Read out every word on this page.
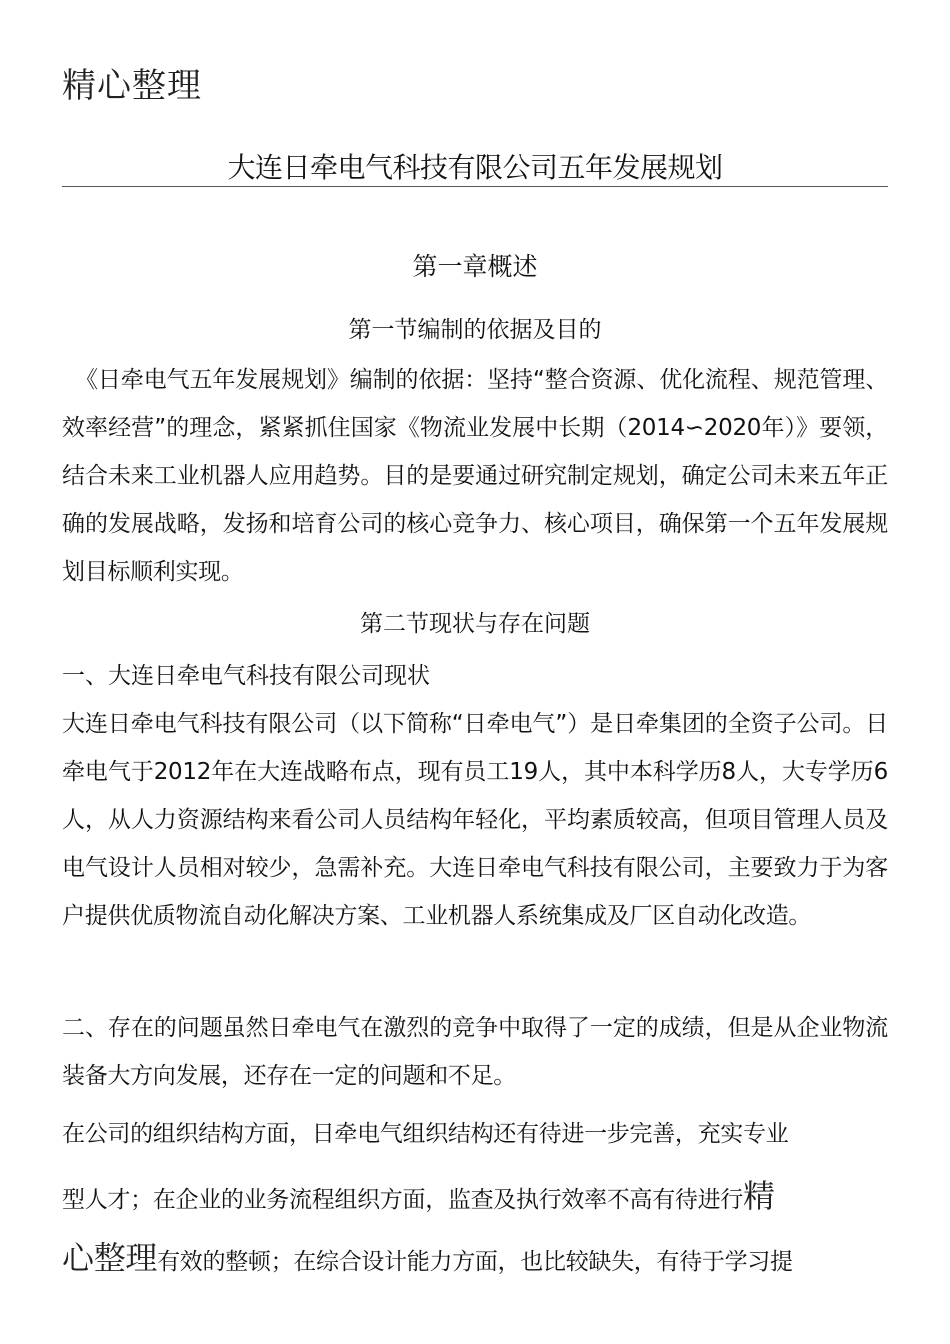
精心整理
大连日牵电气科技有限公司五年发展规划
第一章概述
第一节编制的依据及目的
《日牵电气五年发展规划》编制的依据：坚持“整合资源、优化流程、规范管理、效率经营”的理念，紧紧抓住国家《物流业发展中长期（2014∽2020年）》要领，结合未来工业机器人应用趋势。目的是要通过研究制定规划，确定公司未来五年正确的发展战略，发扬和培育公司的核心竞争力、核心项目，确保第一个五年发展规划目标顺利实现。
第二节现状与存在问题
一、大连日牵电气科技有限公司现状
大连日牵电气科技有限公司（以下简称“日牵电气”）是日牵集团的全资子公司。日牵电气于2012年在大连战略布点，现有员工19人，其中本科学历8人，大专学历6人，从人力资源结构来看公司人员结构年轻化，平均素质较高，但项目管理人员及电气设计人员相对较少，急需补充。大连日牵电气科技有限公司，主要致力于为客户提供优质物流自动化解决方案、工业机器人系统集成及厂区自动化改造。
二、存在的问题虽然日牵电气在激烈的竞争中取得了一定的成绩，但是从企业物流装备大方向发展，还存在一定的问题和不足。
在公司的组织结构方面，日牵电气组织结构还有待进一步完善，充实专业
型人才；在企业的业务流程组织方面，监查及执行效率不高有待进行精
心整理有效的整顿；在综合设计能力方面，也比较缺失，有待于学习提
